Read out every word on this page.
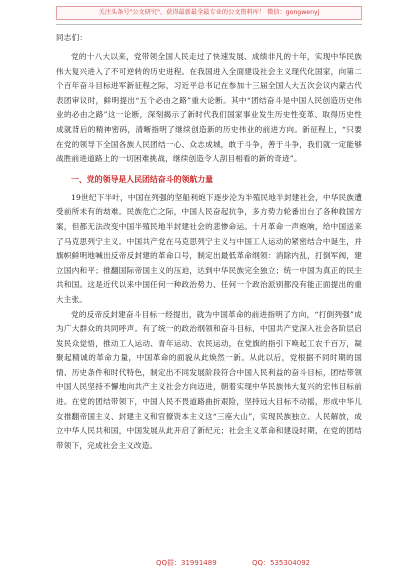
关注头条号"公文研究"，获得最新最全最专业的公文资料库！ 微信：gongwenyj

同志们：

党的十八大以来，党带领全国人民走过了快速发展、成绩非凡的十年，实现中华民族伟大复兴进入了不可逆转的历史进程。在我国进入全面建设社会主义现代化国家，向第二个百年奋斗目标进军新征程之际，习近平总书记在参加十三届全国人大五次会议内蒙古代表团审议时，鲜明提出“五个必由之路”重大论断。其中“团结奋斗是中国人民创造历史伟业的必由之路”这一论断，深刻揭示了新时代我们国家事业发生历史性变革、取得历史性成就背后的精神密码，清晰指明了继续创造新的历史伟业的前进方向。新征程上，“只要在党的领导下全国各族人民团结一心、众志成城，敢于斗争，善于斗争，我们就一定能够战胜前进道路上的一切困难挑战，继续创造令人刮目相看的新的奇迹”。

一、党的领导是人民团结奋斗的领航力量

19世纪下半叶，中国在列强的坚船利炮下逐步沦为半殖民地半封建社会，中华民族遭受前所未有的劫难。民族危亡之际，中国人民奋起抗争，多方势力轮番出台了各种救国方案，但都无法改变中国半殖民地半封建社会的悲惨命运。十月革命一声炮响，给中国送来了马克思列宁主义。中国共产党在马克思列宁主义与中国工人运动的紧密结合中诞生，并旗帜鲜明地喊出反帝反封建的革命口号，制定出最低革命纲领：消除内乱，打倒军阀，建立国内和平；推翻国际帝国主义的压迫，达到中华民族完全独立；统一中国为真正的民主共和国。这是近代以来中国任何一种政治势力、任何一个政治派别都没有能正面提出的重大主张。

党的反帝反封建奋斗目标一经提出，就为中国革命的前进指明了方向，“打倒列强”成为广大群众的共同呼声。有了统一的政治纲领和奋斗目标，中国共产党深入社会各阶层启发民众觉悟，推动工人运动、青年运动、农民运动，在党旗的指引下唤起工农千百万，凝聚起精诚的革命力量，中国革命的面貌从此焕然一新。从此以后，党根据不同时期的国情、历史条件和时代特色，制定出不同发展阶段符合中国人民利益的奋斗目标，团结带领中国人民坚持不懈地向共产主义社会方向迈进，朝着实现中华民族伟大复兴的宏伟目标前进。在党的团结带领下，中国人民不畏道路曲折艰险，坚持远大目标不动摇，形成中华儿女推翻帝国主义、封建主义和官僚资本主义这“三座大山”，实现民族独立、人民解放，成立中华人民共和国，中国发展从此开启了新纪元；社会主义革命和建设时期，在党的团结带领下，完成社会主义改造。

QQ群：31991489	QQ：535304092
